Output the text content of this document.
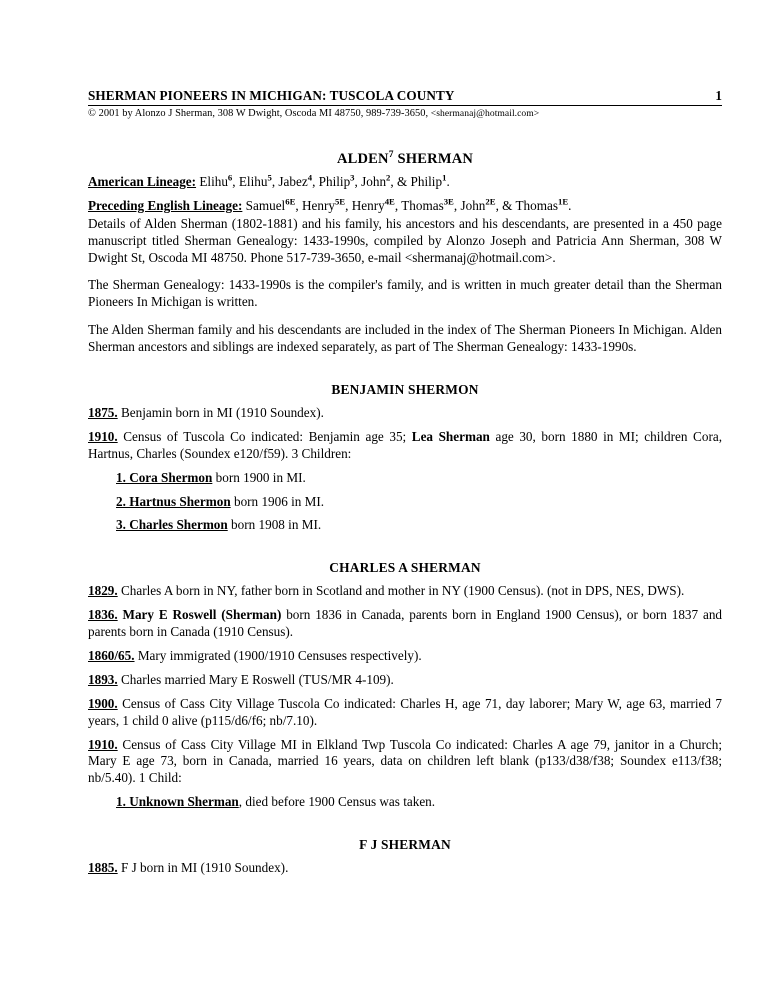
SHERMAN PIONEERS IN MICHIGAN: TUSCOLA COUNTY	1
© 2001 by Alonzo J Sherman, 308 W Dwight, Oscoda MI 48750, 989-739-3650, <shermanaj@hotmail.com>
$ALDEN^7$ SHERMAN

American Lineage: Elihu$^6$, Elihu$^5$, Jabez$^4$, Philip$^3$, John$^2$, & Philip$^1$.

Preceding English Lineage: Samuel$^{6E}$, Henry$^{5E}$, Henry$^{4E}$, Thomas$^{3E}$, John$^{2E}$, & Thomas$^{1E}$.

Details of Alden Sherman (1802-1881) and his family, his ancestors and his descendants, are presented in a 450 page manuscript titled Sherman Genealogy: 1433-1990s, compiled by Alonzo Joseph and Patricia Ann Sherman, 308 W Dwight St, Oscoda MI 48750. Phone 517-739-3650, e-mail <shermanaj@hotmail.com>.

The Sherman Genealogy: 1433-1990s is the compiler's family, and is written in much greater detail than the Sherman Pioneers In Michigan is written.

The Alden Sherman family and his descendants are included in the index of The Sherman Pioneers In Michigan. Alden Sherman ancestors and siblings are indexed separately, as part of The Sherman Genealogy: 1433-1990s.

BENJAMIN SHERMON

1875. Benjamin born in MI (1910 Soundex).

1910. Census of Tuscola Co indicated: Benjamin age 35; Lea Sherman age 30, born 1880 in MI; children Cora, Hartnus, Charles (Soundex e120/f59). 3 Children:

1. Cora Shermon born 1900 in MI.

2. Hartnus Shermon born 1906 in MI.

3. Charles Shermon born 1908 in MI.

CHARLES A SHERMAN

1829. Charles A born in NY, father born in Scotland and mother in NY (1900 Census). (not in DPS, NES, DWS).

1836. Mary E Roswell (Sherman) born 1836 in Canada, parents born in England 1900 Census), or born 1837 and parents born in Canada (1910 Census).

1860/65. Mary immigrated (1900/1910 Censuses respectively).

1893. Charles married Mary E Roswell (TUS/MR 4-109).

1900. Census of Cass City Village Tuscola Co indicated: Charles H, age 71, day laborer; Mary W, age 63, married 7 years, 1 child 0 alive (p115/d6/f6; nb/7.10).

1910. Census of Cass City Village MI in Elkland Twp Tuscola Co indicated: Charles A age 79, janitor in a Church; Mary E age 73, born in Canada, married 16 years, data on children left blank (p133/d38/f38; Soundex e113/f38; nb/5.40). 1 Child:

1. Unknown Sherman, died before 1900 Census was taken.

F J SHERMAN

1885. F J born in MI (1910 Soundex).
